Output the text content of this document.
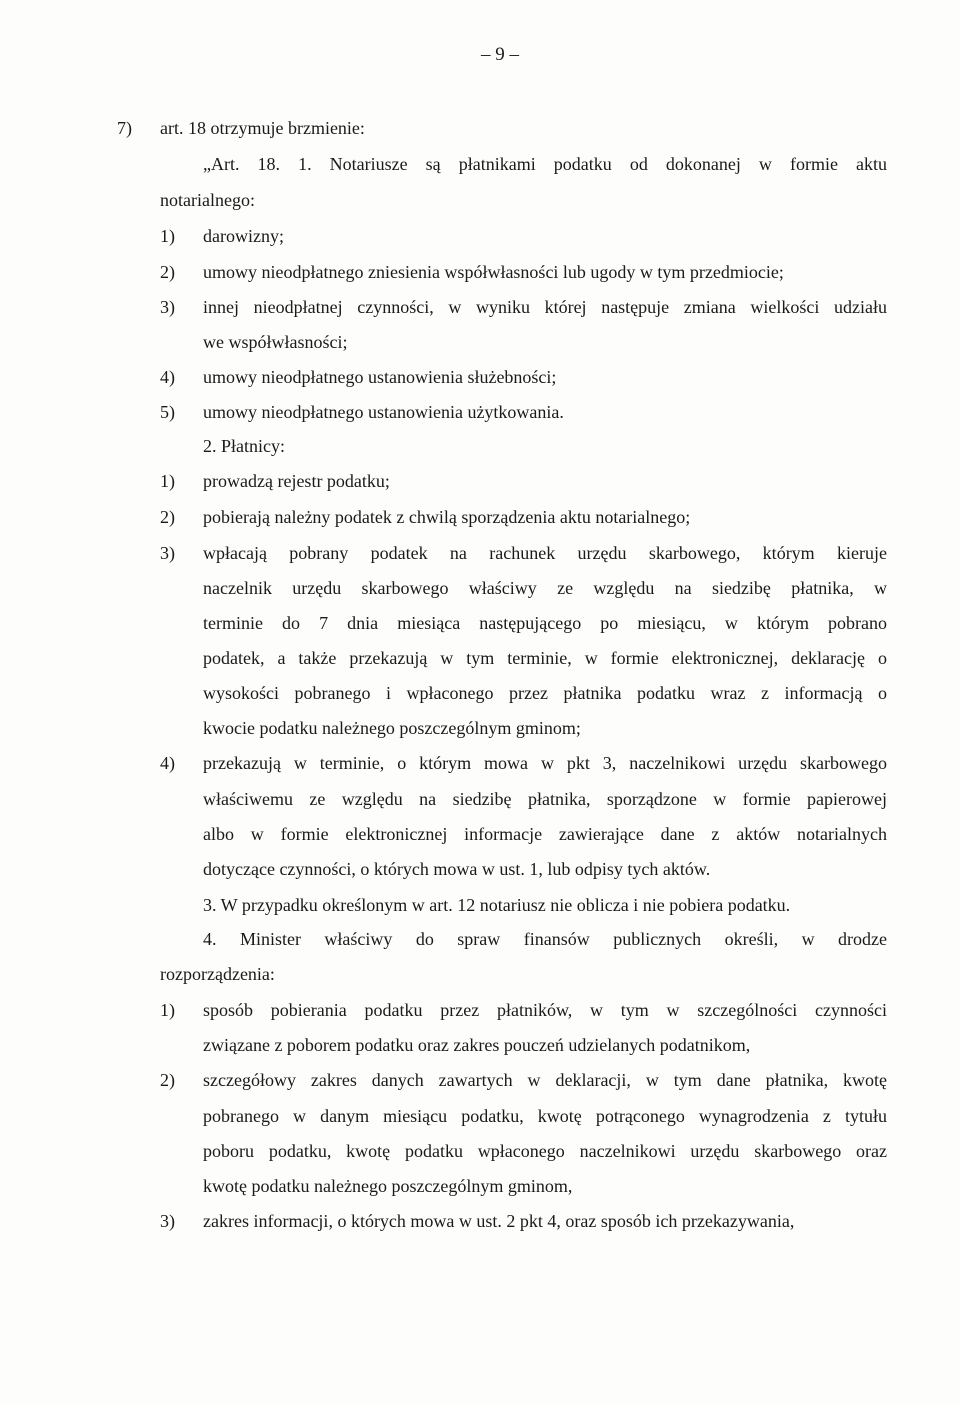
– 9 –
7) art. 18 otrzymuje brzmienie:
„Art. 18. 1. Notariusze są płatnikami podatku od dokonanej w formie aktu
notarialnego:
1) darowizny;
2) umowy nieodpłatnego zniesienia współwłasności lub ugody w tym przedmiocie;
3) innej nieodpłatnej czynności, w wyniku której następuje zmiana wielkości udziału
we współwłasności;
4) umowy nieodpłatnego ustanowienia służebności;
5) umowy nieodpłatnego ustanowienia użytkowania.
2. Płatnicy:
1) prowadzą rejestr podatku;
2) pobierają należny podatek z chwilą sporządzenia aktu notarialnego;
3) wpłacają pobrany podatek na rachunek urzędu skarbowego, którym kieruje
naczelnik urzędu skarbowego właściwy ze względu na siedzibę płatnika, w
terminie do 7 dnia miesiąca następującego po miesiącu, w którym pobrano
podatek, a także przekazują w tym terminie, w formie elektronicznej, deklarację o
wysokości pobranego i wpłaconego przez płatnika podatku wraz z informacją o
kwocie podatku należnego poszczególnym gminom;
4) przekazują w terminie, o którym mowa w pkt 3, naczelnikowi urzędu skarbowego
właściwemu ze względu na siedzibę płatnika, sporządzone w formie papierowej
albo w formie elektronicznej informacje zawierające dane z aktów notarialnych
dotyczące czynności, o których mowa w ust. 1, lub odpisy tych aktów.
3. W przypadku określonym w art. 12 notariusz nie oblicza i nie pobiera podatku.
4. Minister właściwy do spraw finansów publicznych określi, w drodze
rozporządzenia:
1) sposób pobierania podatku przez płatników, w tym w szczególności czynności
związane z poborem podatku oraz zakres pouczeń udzielanych podatnikom,
2) szczegółowy zakres danych zawartych w deklaracji, w tym dane płatnika, kwotę
pobranego w danym miesiącu podatku, kwotę potrąconego wynagrodzenia z tytułu
poboru podatku, kwotę podatku wpłaconego naczelnikowi urzędu skarbowego oraz
kwotę podatku należnego poszczególnym gminom,
3) zakres informacji, o których mowa w ust. 2 pkt 4, oraz sposób ich przekazywania,
